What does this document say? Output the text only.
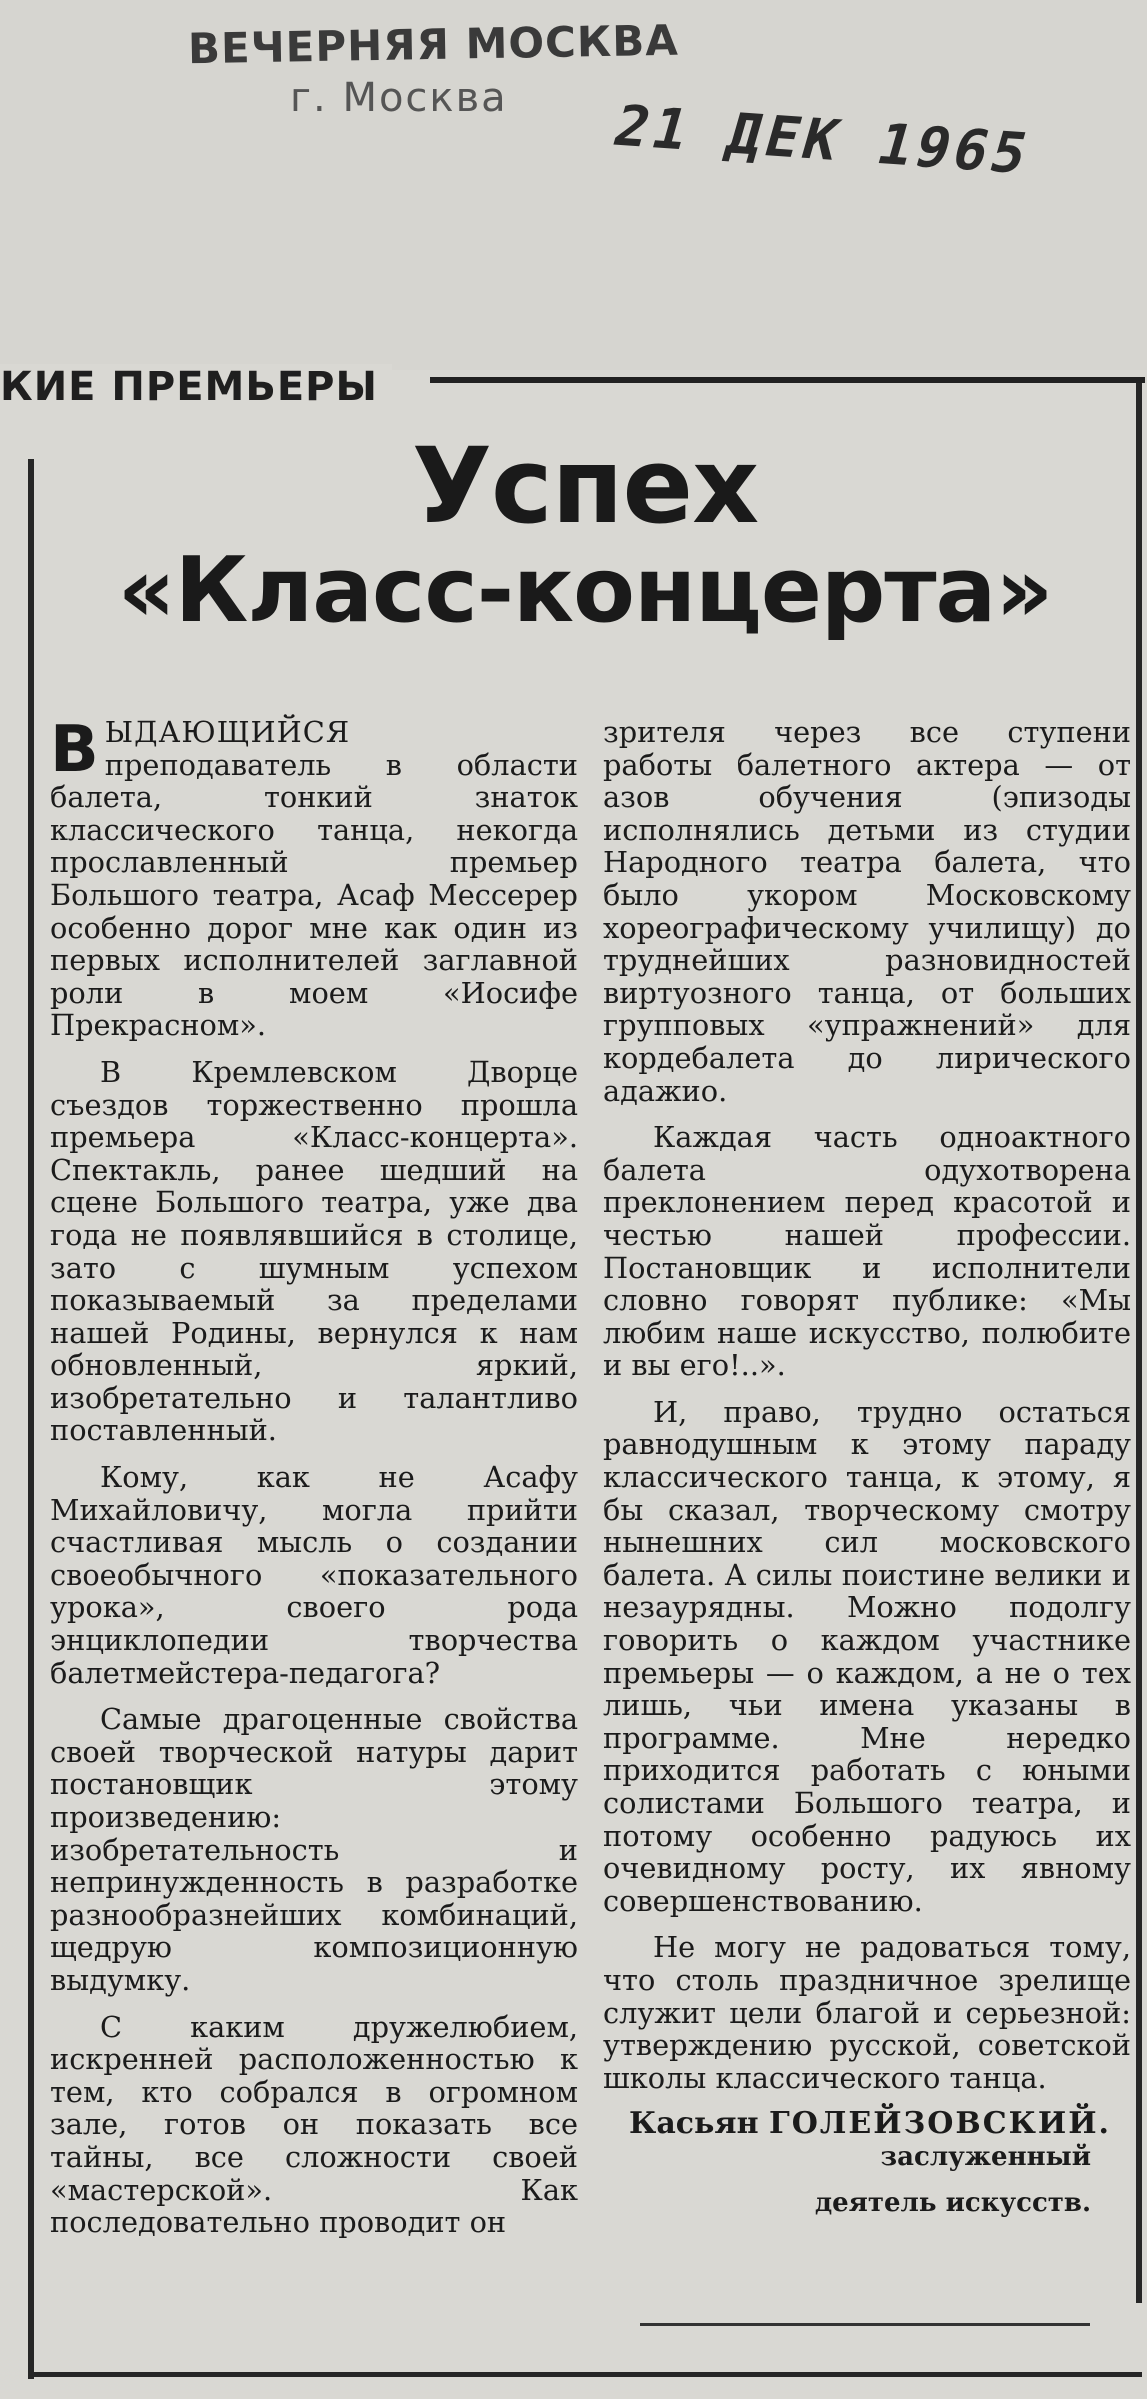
ВЕЧЕРНЯЯ МОСКВА
г. Москва 21 ДЕК 1965
КИЕ ПРЕМЬЕРЫ
Успех
«Класс-концерта»

ВЫДАЮЩИЙСЯ преподаватель в области балета, тонкий знаток классического танца, некогда прославленный премьер Большого театра, Асаф Мессерер особенно дорог мне как один из первых исполнителей заглавной роли в моем «Иосифе Прекрасном».

В Кремлевском Дворце съездов торжественно прошла премьера «Класс-концерта». Спектакль, ранее шедший на сцене Большого театра, уже два года не появлявшийся в столице, зато с шумным успехом показываемый за пределами нашей Родины, вернулся к нам обновленный, яркий, изобретательно и талантливо поставленный.

Кому, как не Асафу Михайловичу, могла прийти счастливая мысль о создании своеобычного «показательного урока», своего рода энциклопедии творчества балетмейстера-педагога?

Самые драгоценные свойства своей творческой натуры дарит постановщик этому произведению: изобретательность и непринужденность в разработке разнообразнейших комбинаций, щедрую композиционную выдумку.

С каким дружелюбием, искренней расположенностью к тем, кто собрался в огромном зале, готов он показать все тайны, все сложности своей «мастерской». Как последовательно проводит он

зрителя через все ступени работы балетного актера — от азов обучения (эпизоды исполнялись детьми из студии Народного театра балета, что было укором Московскому хореографическому училищу) до труднейших разновидностей виртуозного танца, от больших групповых «упражнений» для кордебалета до лирического адажио.

Каждая часть одноактного балета одухотворена преклонением перед красотой и честью нашей профессии. Постановщик и исполнители словно говорят публике: «Мы любим наше искусство, полюбите и вы его!..».

И, право, трудно остаться равнодушным к этому параду классического танца, к этому, я бы сказал, творческому смотру нынешних сил московского балета. А силы поистине велики и незаурядны. Можно подолгу говорить о каждом участнике премьеры — о каждом, а не о тех лишь, чьи имена указаны в программе. Мне нередко приходится работать с юными солистами Большого театра, и потому особенно радуюсь их очевидному росту, их явному совершенствованию.

Не могу не радоваться тому, что столь праздничное зрелище служит цели благой и серьезной: утверждению русской, советской школы классического танца.

Касьян ГОЛЕЙЗОВСКИЙ.

заслуженный

деятель искусств.
